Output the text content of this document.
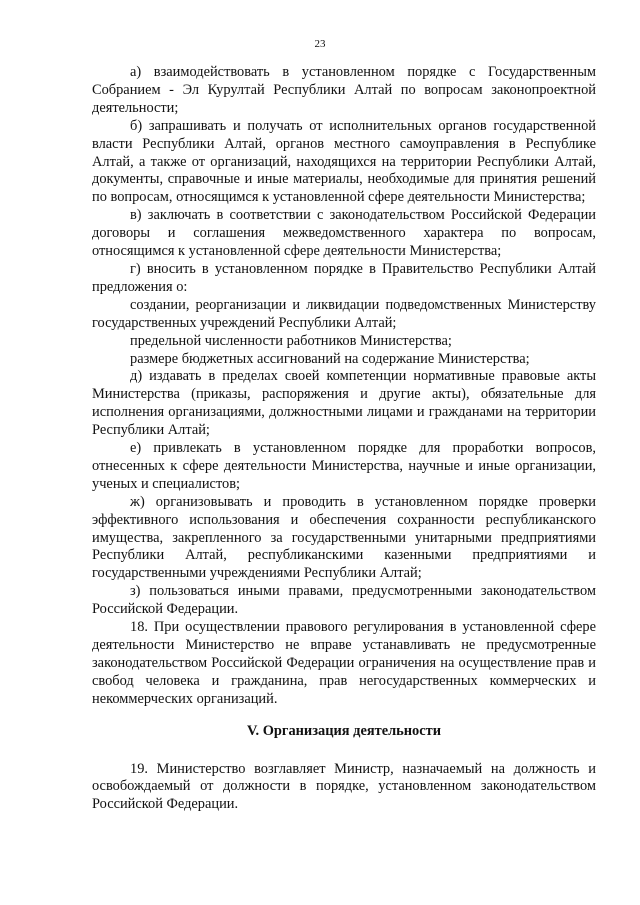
23

а) взаимодействовать в установленном порядке с Государственным Собранием - Эл Курултай Республики Алтай по вопросам законопроектной деятельности;

б) запрашивать и получать от исполнительных органов государственной власти Республики Алтай, органов местного самоуправления в Республике Алтай, а также от организаций, находящихся на территории Республики Алтай, документы, справочные и иные материалы, необходимые для принятия решений по вопросам, относящимся к установленной сфере деятельности Министерства;

в) заключать в соответствии с законодательством Российской Федерации договоры и соглашения межведомственного характера по вопросам, относящимся к установленной сфере деятельности Министерства;

г) вносить в установленном порядке в Правительство Республики Алтай предложения о:

создании, реорганизации и ликвидации подведомственных Министерству государственных учреждений Республики Алтай;

предельной численности работников Министерства;

размере бюджетных ассигнований на содержание Министерства;

д) издавать в пределах своей компетенции нормативные правовые акты Министерства (приказы, распоряжения и другие акты), обязательные для исполнения организациями, должностными лицами и гражданами на территории Республики Алтай;

е) привлекать в установленном порядке для проработки вопросов, отнесенных к сфере деятельности Министерства, научные и иные организации, ученых и специалистов;

ж) организовывать и проводить в установленном порядке проверки эффективного использования и обеспечения сохранности республиканского имущества, закрепленного за государственными унитарными предприятиями Республики Алтай, республиканскими казенными предприятиями и государственными учреждениями Республики Алтай;

з) пользоваться иными правами, предусмотренными законодательством Российской Федерации.

18. При осуществлении правового регулирования в установленной сфере деятельности Министерство не вправе устанавливать не предусмотренные законодательством Российской Федерации ограничения на осуществление прав и свобод человека и гражданина, прав негосударственных коммерческих и некоммерческих организаций.

V. Организация деятельности

19. Министерство возглавляет Министр, назначаемый на должность и освобождаемый от должности в порядке, установленном законодательством Российской Федерации.
